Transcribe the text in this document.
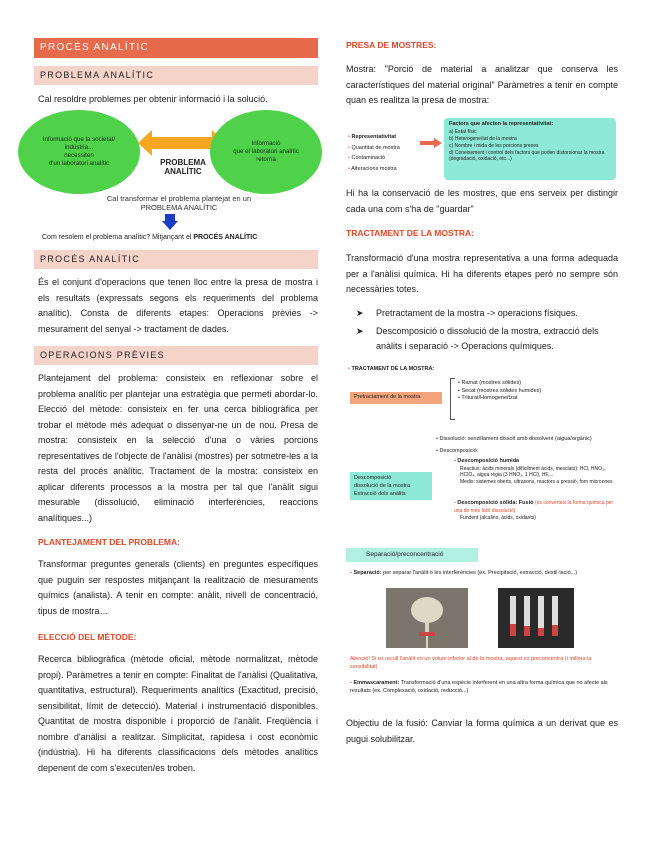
PROCÉS ANALÍTIC
PROBLEMA ANALÍTIC
Cal resoldre problemes per obtenir informació i la solució.
Informació que la societat/
indústria...
necessiten
d'un laboratori analític	PROBLEMA
ANALÍTIC
Informació
que el laboratori analític
retorna
Cal transformar el problema plantejat en un
PROBLEMA ANALÍTIC
Com resolem el problema analític? Mitjançant el PROCÉS ANALÍTIC
PROCÉS ANALÍTIC
És el conjunt d'operacions que tenen lloc entre la presa de mostra i els resultats (expressats segons els requeriments del problema analític). Consta de diferents etapes: Operacions prèvies -> mesurament del senyal -> tractament de dades.
OPERACIONS PRÈVIES
Plantejament del problema: consisteix en reflexionar sobre el problema analític per plantejar una estratègia que permeti abordar-lo. Elecció del mètode: consisteix en fer una cerca bibliogràfica per trobar el mètode més adequat o dissenyar-ne un de nou. Presa de mostra: consisteix en la selecció d'una o vàries porcions representatives de l'objecte de l'anàlisi (mostres) per sotmetre-les a la resta del procés anàlític. Tractament de la mostra: consisteix en aplicar diferents processos a la mostra per tal que l'anàlit sigui mesurable (dissolució, eliminació interferències, reaccions analítiques...)
PLANTEJAMENT DEL PROBLEMA:
Transformar preguntes generals (clients) en preguntes específiques que puguin ser respostes mitjançant la realització de mesuraments químics (analista). A tenir en compte: anàlit, nivell de concentració, tipus de mostra…
ELECCIÓ DEL MÈTODE:
Recerca bibliogràfica (mètode oficial, mètode normalitzat, mètode propi). Paràmetres a tenir en compte: Finalitat de l'anàlisi (Qualitativa, quantitativa, estructural). Requeriments analítics (Exactitud, precisió, sensibilitat, límit de detecció). Material i instrumentació disponibles. Quantitat de mostra disponible i proporció de l'anàlit. Freqüència i nombre d'anàlisi a realitzar. Simplicitat, rapidesa i cost econòmic (indústria). Hi ha diferents classificacions dels mètodes analítics depenent de com s'executen/es troben.
PRESA DE MOSTRES:
Mostra: "Porció de material a analitzar que conserva les característiques del material original" Paràmetres a tenir en compte quan es realitza la presa de mostra:
• Representativitat
• Quantitat de mostra
• Contaminació
• Alteracions mostra
Factors que afecten la representativitat:
a) Estat físic
b) Heterogeneïtat de la mostra
c) Nombre i mida de les porcions preses
d) Coneixement i control dels factors que poden distorsionar la mostra (degradació, oxidació, etc...)
Hi ha la conservació de les mostres, que ens serveix per distingir cada una com s'ha de "guardar"
TRACTAMENT DE LA MOSTRA:
Transformació d'una mostra representativa a una forma adequada per a l'anàlisi química. Hi ha diferents etapes però no sempre són necessàries totes.
➤ Pretractament de la mostra -> operacions físiques.
➤ Descomposició o dissolució de la mostra, extracció dels anàlits i separació -> Operacions químiques.
• TRACTAMENT DE LA MOSTRA:
Pretractament de la mostra
• Ramat (mostres sòlides)
• Secat (mostres sòlides humides)
• Triturat/Homogeneïtzat
• Dissolució: senzillament dissolt amb dissolvent (aigua/orgànic)
• Descomposició:
Descomposició
dissolució de la mostra
Extracció dels anàlits
- Descomposició humida
Reactius: àcids minerals (difícilment àcids, mesclats): HCl, HNO₃, HClO₄, aigua règia (3 HNO₃, 1 HCl), HF,...
Medis: sistemes oberts, ultrasons, reactors a pressió, forn microones
- Descomposició sòlida: Fusió (es converteix la forma química per una de més fàcil dissolució)
Fundent (alcalino, àcids, oxidants)
Separació/preconcentració
• Separació: per separar l'anàlit o les interferències (ex. Precipitació, extracció, destil·lació...)
Atenció! Si es recull l'anàlit en un volum inferior al de la mostra, aquest es preconcentra (i millora la sensibilitat)
• Emmascarament: Transformació d'una espècie interferent en una altra forma química que no afecte als resultats (ex. Complexació, oxidació, reducció...)
Objectiu de la fusió: Canviar la forma química a un derivat que es pugui solubilitzar.
